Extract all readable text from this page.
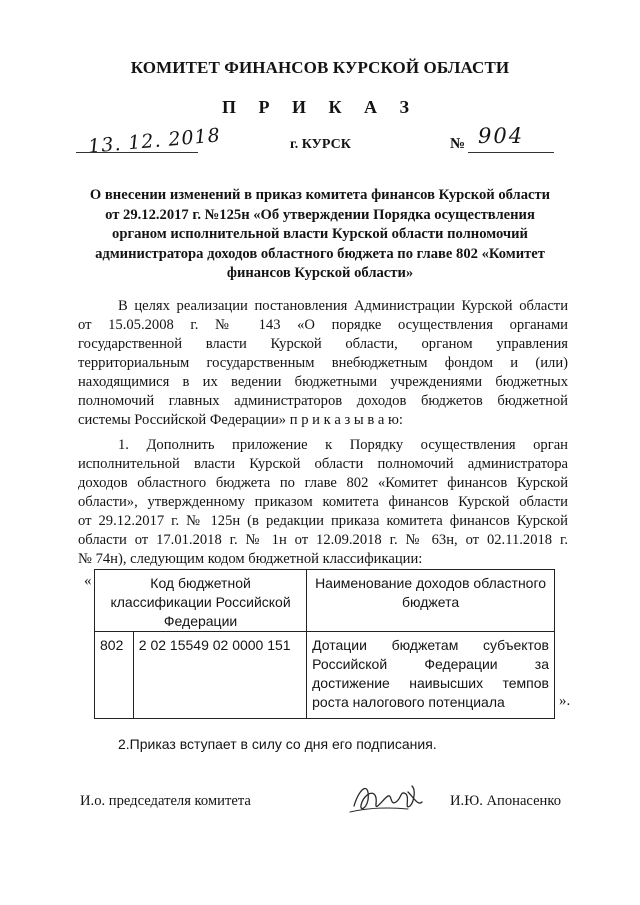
КОМИТЕТ ФИНАНСОВ КУРСКОЙ ОБЛАСТИ
П Р И К А З
13. 12. 2018	г. КУРСК	№ 904
О внесении изменений в приказ комитета финансов Курской области
от 29.12.2017 г. №125н «Об утверждении Порядка осуществления
органом исполнительной власти Курской области полномочий
администратора доходов областного бюджета по главе 802 «Комитет
финансов Курской области»
В целях реализации постановления Администрации Курской области
от 15.05.2008 г. № 143 «О порядке осуществления органами
государственной власти Курской области, органом управления
территориальным государственным внебюджетным фондом и (или)
находящимися в их ведении бюджетными учреждениями бюджетных
полномочий главных администраторов доходов бюджетов бюджетной
системы Российской Федерации» п р и к а з ы в а ю:
1. Дополнить приложение к Порядку осуществления орган
исполнительной власти Курской области полномочий администратора
доходов областного бюджета по главе 802 «Комитет финансов Курской
области», утвержденному приказом комитета финансов Курской области
от 29.12.2017 г. № 125н (в редакции приказа комитета финансов Курской
области от 17.01.2018 г. № 1н от 12.09.2018 г. № 63н, от 02.11.2018 г.
№ 74н), следующим кодом бюджетной классификации:
«	Код бюджетной классификации Российской Федерации		Наименование доходов областного бюджета
802	2 02 15549 02 0000 151	Дотации бюджетам субъектов
Российской Федерации за
достижение наивысших темпов
роста налогового потенциала	».
2.Приказ вступает в силу со дня его подписания.
И.о. председателя комитета	И.Ю. Апонасенко
